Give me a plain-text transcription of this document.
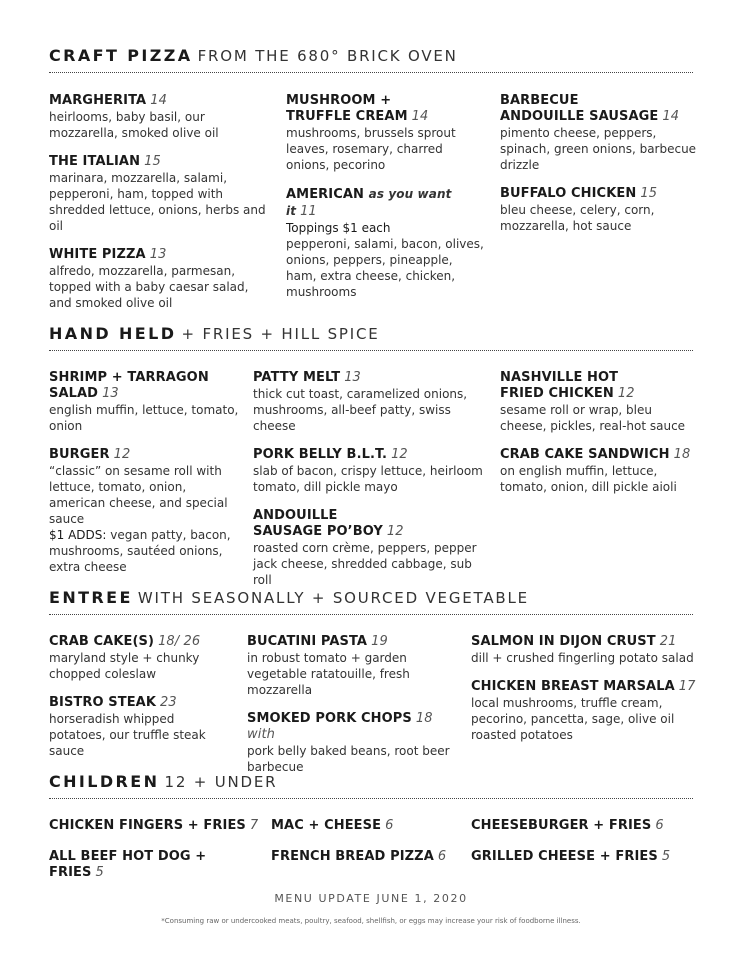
CRAFT PIZZA FROM THE 680° BRICK OVEN
MARGHERITA 14
heirlooms, baby basil, our mozzarella, smoked olive oil
THE ITALIAN 15
marinara, mozzarella, salami, pepperoni, ham, topped with shredded lettuce, onions, herbs and oil
WHITE PIZZA 13
alfredo, mozzarella, parmesan, topped with a baby caesar salad, and smoked olive oil
MUSHROOM +
TRUFFLE CREAM 14
mushrooms, brussels sprout leaves, rosemary, charred onions, pecorino
AMERICAN as you want it 11
Toppings $1 each
pepperoni, salami, bacon, olives, onions, peppers, pineapple, ham, extra cheese, chicken, mushrooms
BARBECUE
ANDOUILLE SAUSAGE 14
pimento cheese, peppers, spinach, green onions, barbecue drizzle
BUFFALO CHICKEN 15
bleu cheese, celery, corn, mozzarella, hot sauce
HAND HELD + FRIES + HILL SPICE
SHRIMP + TARRAGON
SALAD 13
english muffin, lettuce, tomato, onion
BURGER 12
“classic” on sesame roll with lettuce, tomato, onion, american cheese, and special sauce
$1 ADDS: vegan patty, bacon, mushrooms, sautéed onions, extra cheese
PATTY MELT 13
thick cut toast, caramelized onions, mushrooms, all-beef patty, swiss cheese
PORK BELLY B.L.T. 12
slab of bacon, crispy lettuce, heirloom tomato, dill pickle mayo
ANDOUILLE
SAUSAGE PO’BOY 12
roasted corn crème, peppers, pepper jack cheese, shredded cabbage, sub roll
NASHVILLE HOT
FRIED CHICKEN 12
sesame roll or wrap, bleu cheese, pickles, real-hot sauce
CRAB CAKE SANDWICH 18
on english muffin, lettuce, tomato, onion, dill pickle aioli
ENTREE WITH SEASONALLY + SOURCED VEGETABLE
CRAB CAKE(S) 18/ 26
maryland style + chunky chopped coleslaw
BISTRO STEAK 23
horseradish whipped potatoes, our truffle steak sauce
BUCATINI PASTA 19
in robust tomato + garden vegetable ratatouille, fresh mozzarella
SMOKED PORK CHOPS 18 with
pork belly baked beans, root beer barbecue
SALMON IN DIJON CRUST 21
dill + crushed fingerling potato salad
CHICKEN BREAST MARSALA 17
local mushrooms, truffle cream, pecorino, pancetta, sage, olive oil roasted potatoes
CHILDREN 12 + UNDER
CHICKEN FINGERS + FRIES 7
ALL BEEF HOT DOG + FRIES 5
MAC + CHEESE 6
FRENCH BREAD PIZZA 6
CHEESEBURGER + FRIES 6
GRILLED CHEESE + FRIES 5
MENU UPDATE JUNE 1, 2020
*Consuming raw or undercooked meats, poultry, seafood, shellfish, or eggs may increase your risk of foodborne illness.
